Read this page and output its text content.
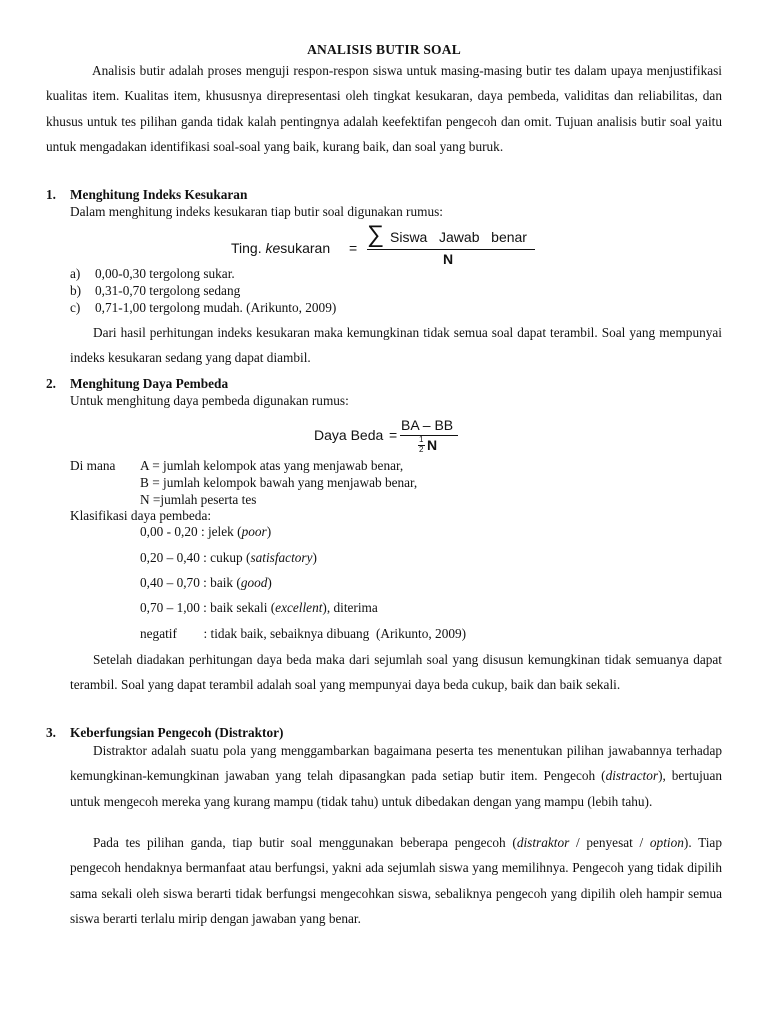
ANALISIS BUTIR SOAL

Analisis butir adalah proses menguji respon-respon siswa untuk masing-masing butir tes dalam upaya menjustifikasi kualitas item. Kualitas item, khususnya direpresentasi oleh tingkat kesukaran, daya pembeda, validitas dan reliabilitas, dan khusus untuk tes pilihan ganda tidak kalah pentingnya adalah keefektifan pengecoh dan omit. Tujuan analisis butir soal yaitu untuk mengadakan identifikasi soal-soal yang baik, kurang baik, dan soal yang buruk.

1. Menghitung Indeks Kesukaran
Dalam menghitung indeks kesukaran tiap butir soal digunakan rumus:
Ting. kesukaran = ∑ Siswa   Jawab   benar
N
a) 0,00-0,30 tergolong sukar.
b) 0,31-0,70 tergolong sedang
c) 0,71-1,00 tergolong mudah. (Arikunto, 2009)

Dari hasil perhitungan indeks kesukaran maka kemungkinan tidak semua soal dapat terambil. Soal yang mempunyai indeks kesukaran sedang yang dapat diambil.

2. Menghitung Daya Pembeda
Untuk menghitung daya pembeda digunakan rumus:
Daya Beda =
BA – BB
1
2 N
Di mana A = jumlah kelompok atas yang menjawab benar,
B = jumlah kelompok bawah yang menjawab benar,
N =jumlah peserta tes
Klasifikasi daya pembeda:
0,00 - 0,20 : jelek (poor)
0,20 – 0,40 : cukup (satisfactory)
0,40 – 0,70 : baik (good)
0,70 – 1,00 : baik sekali (excellent), diterima
negatif        : tidak baik, sebaiknya dibuang  (Arikunto, 2009)

Setelah diadakan perhitungan daya beda maka dari sejumlah soal yang disusun kemungkinan tidak semuanya dapat terambil. Soal yang dapat terambil adalah soal yang mempunyai daya beda cukup, baik dan baik sekali.

3. Keberfungsian Pengecoh (Distraktor)

Distraktor adalah suatu pola yang menggambarkan bagaimana peserta tes menentukan pilihan jawabannya terhadap kemungkinan-kemungkinan jawaban yang telah dipasangkan pada setiap butir item. Pengecoh (distractor), bertujuan untuk mengecoh mereka yang kurang mampu (tidak tahu) untuk dibedakan dengan yang mampu (lebih tahu).

Pada tes pilihan ganda, tiap butir soal menggunakan beberapa pengecoh (distraktor / penyesat / option). Tiap pengecoh hendaknya bermanfaat atau berfungsi, yakni ada sejumlah siswa yang memilihnya. Pengecoh yang tidak dipilih sama sekali oleh siswa berarti tidak berfungsi mengecohkan siswa, sebaliknya pengecoh yang dipilih oleh hampir semua siswa berarti terlalu mirip dengan jawaban yang benar.
